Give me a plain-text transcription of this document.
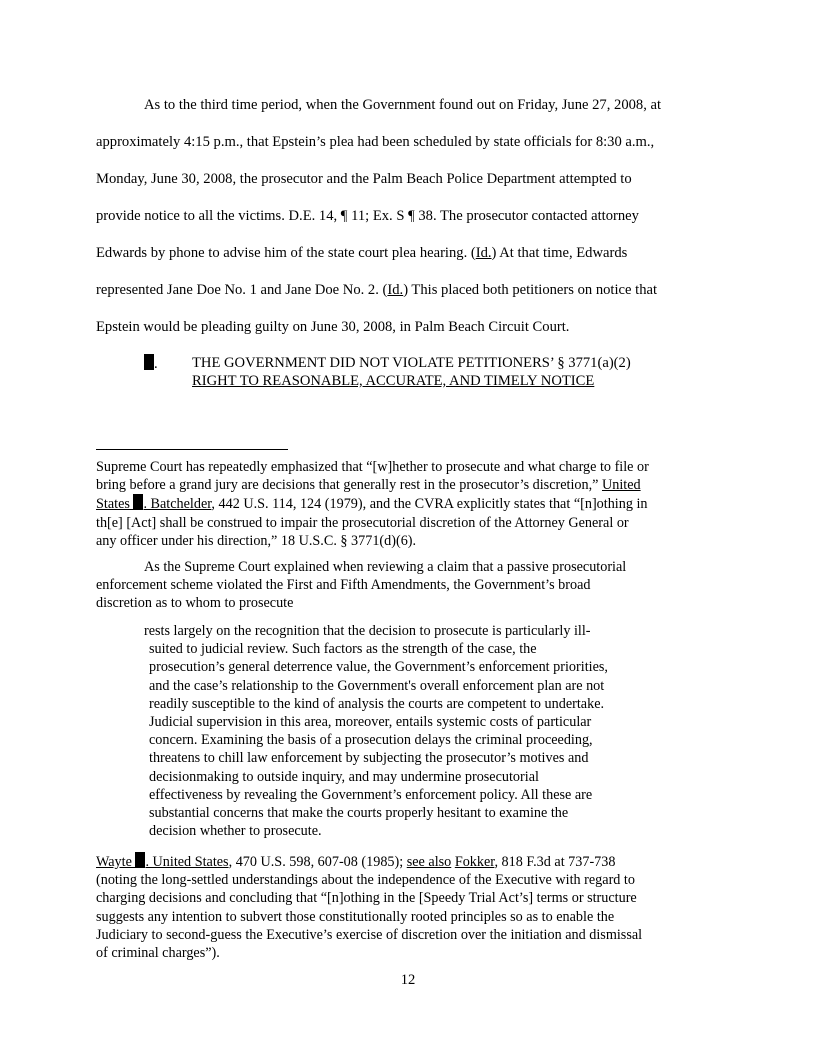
As to the third time period, when the Government found out on Friday, June 27, 2008, at
approximately 4:15 p.m., that Epstein’s plea had been scheduled by state officials for 8:30 a.m.,
Monday, June 30, 2008, the prosecutor and the Palm Beach Police Department attempted to
provide notice to all the victims. D.E. 14, ¶ 11; Ex. S ¶ 38. The prosecutor contacted attorney
Edwards by phone to advise him of the state court plea hearing. (Id.) At that time, Edwards
represented Jane Doe No. 1 and Jane Doe No. 2. (Id.) This placed both petitioners on notice that
Epstein would be pleading guilty on June 30, 2008, in Palm Beach Circuit Court.
. THE GOVERNMENT DID NOT VIOLATE PETITIONERS’ § 3771(a)(2)
RIGHT TO REASONABLE, ACCURATE, AND TIMELY NOTICE
Supreme Court has repeatedly emphasized that “[w]hether to prosecute and what charge to file or
bring before a grand jury are decisions that generally rest in the prosecutor’s discretion,” United
States . Batchelder, 442 U.S. 114, 124 (1979), and the CVRA explicitly states that “[n]othing in
th[e] [Act] shall be construed to impair the prosecutorial discretion of the Attorney General or
any officer under his direction,” 18 U.S.C. § 3771(d)(6).
As the Supreme Court explained when reviewing a claim that a passive prosecutorial
enforcement scheme violated the First and Fifth Amendments, the Government’s broad
discretion as to whom to prosecute
rests largely on the recognition that the decision to prosecute is particularly ill-
suited to judicial review. Such factors as the strength of the case, the
prosecution’s general deterrence value, the Government’s enforcement priorities,
and the case’s relationship to the Government's overall enforcement plan are not
readily susceptible to the kind of analysis the courts are competent to undertake.
Judicial supervision in this area, moreover, entails systemic costs of particular
concern. Examining the basis of a prosecution delays the criminal proceeding,
threatens to chill law enforcement by subjecting the prosecutor’s motives and
decisionmaking to outside inquiry, and may undermine prosecutorial
effectiveness by revealing the Government’s enforcement policy. All these are
substantial concerns that make the courts properly hesitant to examine the
decision whether to prosecute.
Wayte . United States, 470 U.S. 598, 607-08 (1985); see also Fokker, 818 F.3d at 737-738
(noting the long-settled understandings about the independence of the Executive with regard to
charging decisions and concluding that “[n]othing in the [Speedy Trial Act’s] terms or structure
suggests any intention to subvert those constitutionally rooted principles so as to enable the
Judiciary to second-guess the Executive’s exercise of discretion over the initiation and dismissal
of criminal charges”).
12
